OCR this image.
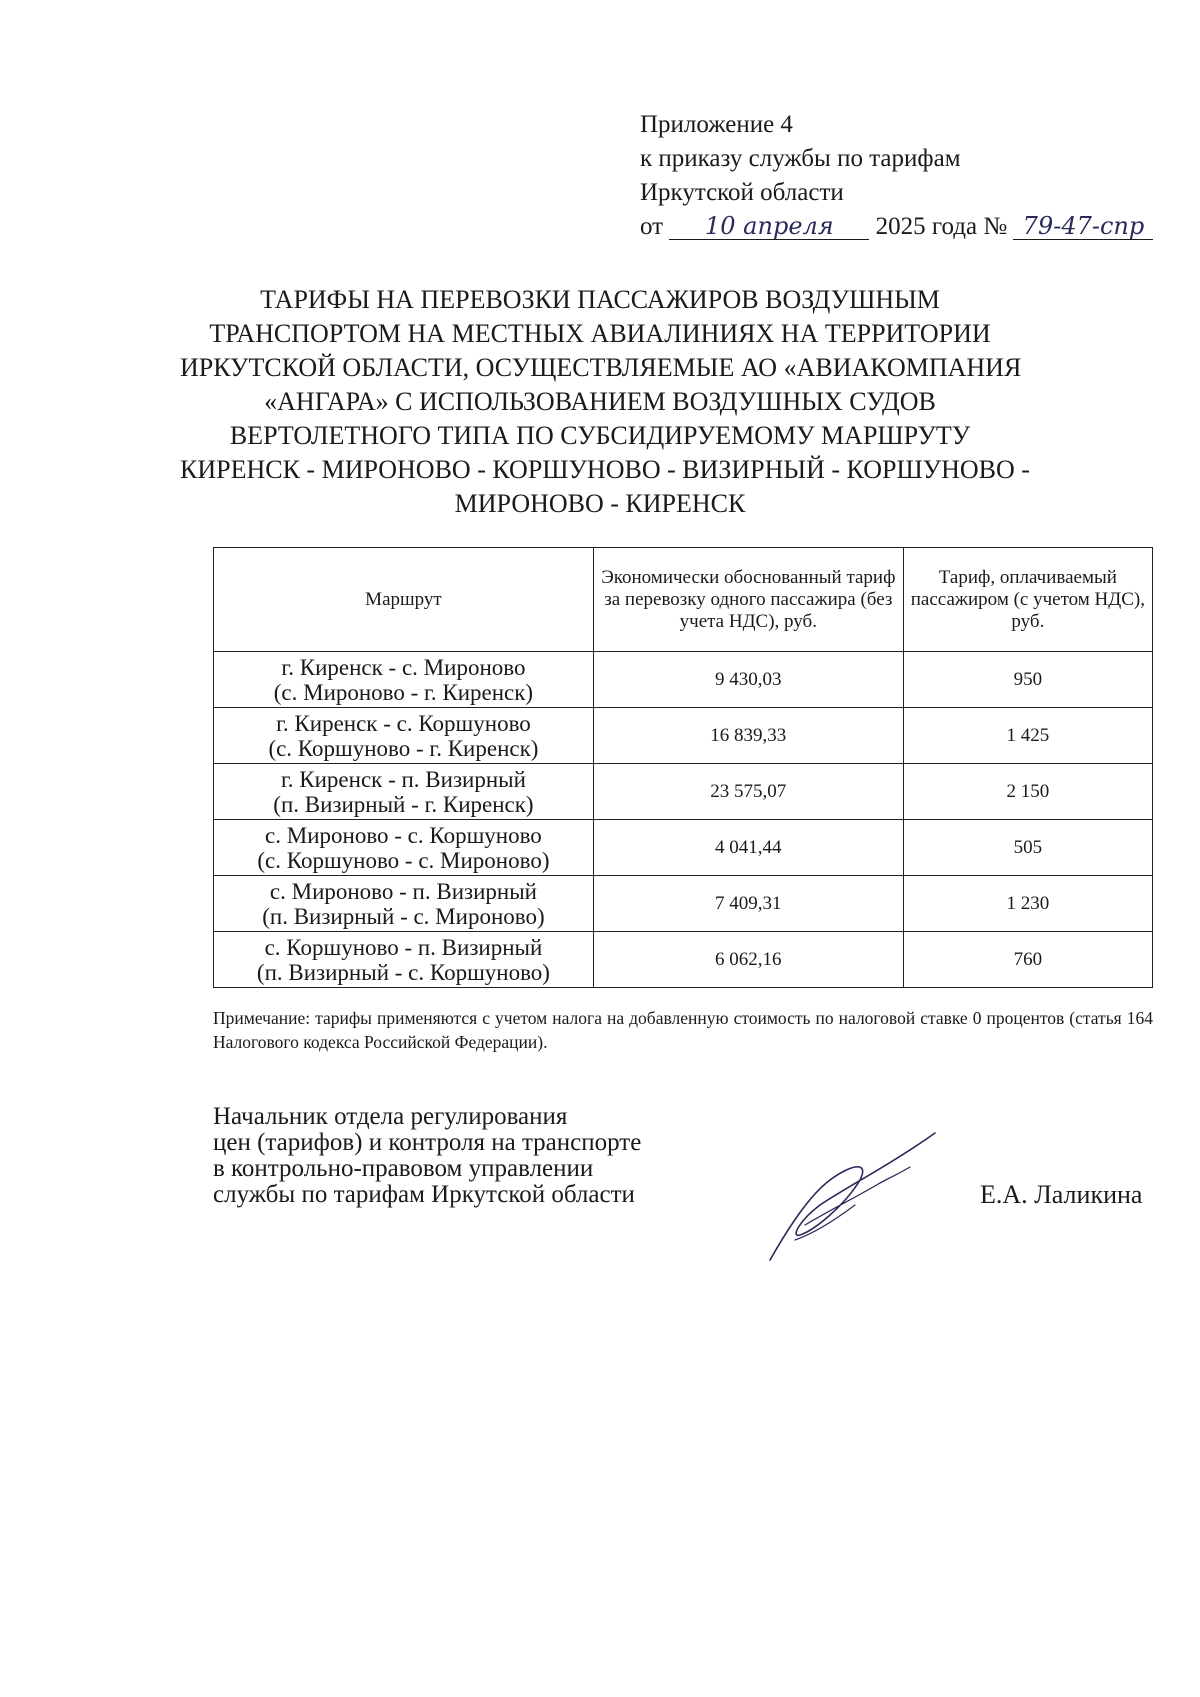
Приложение 4
к приказу службы по тарифам
Иркутской области
от 10 апреля 2025 года № 79-47-спр
ТАРИФЫ НА ПЕРЕВОЗКИ ПАССАЖИРОВ ВОЗДУШНЫМ
ТРАНСПОРТОМ НА МЕСТНЫХ АВИАЛИНИЯХ НА ТЕРРИТОРИИ
ИРКУТСКОЙ ОБЛАСТИ, ОСУЩЕСТВЛЯЕМЫЕ АО «АВИАКОМПАНИЯ
«АНГАРА» С ИСПОЛЬЗОВАНИЕМ ВОЗДУШНЫХ СУДОВ
ВЕРТОЛЕТНОГО ТИПА ПО СУБСИДИРУЕМОМУ МАРШРУТУ
КИРЕНСК - МИРОНОВО - КОРШУНОВО - ВИЗИРНЫЙ - КОРШУНОВО -
МИРОНОВО - КИРЕНСК
Маршрут	Экономически обоснованный тариф за перевозку одного пассажира (без учета НДС), руб.	Тариф, оплачиваемый пассажиром (с учетом НДС), руб.

г. Киренск - с. Мироново
(с. Мироново - г. Киренск)	9 430,03	950

г. Киренск - с. Коршуново
(с. Коршуново - г. Киренск)	16 839,33	1 425

г. Киренск - п. Визирный
(п. Визирный - г. Киренск)	23 575,07	2 150

с. Мироново - с. Коршуново
(с. Коршуново - с. Мироново)	4 041,44	505

с. Мироново - п. Визирный
(п. Визирный - с. Мироново)	7 409,31	1 230

с. Коршуново - п. Визирный
(п. Визирный - с. Коршуново)	6 062,16	760
Примечание: тарифы применяются с учетом налога на добавленную стоимость по налоговой ставке 0 процентов (статья 164 Налогового кодекса Российской Федерации).
Начальник отдела регулирования
цен (тарифов) и контроля на транспорте
в контрольно-правовом управлении
службы по тарифам Иркутской области	Е.А. Лаликина
